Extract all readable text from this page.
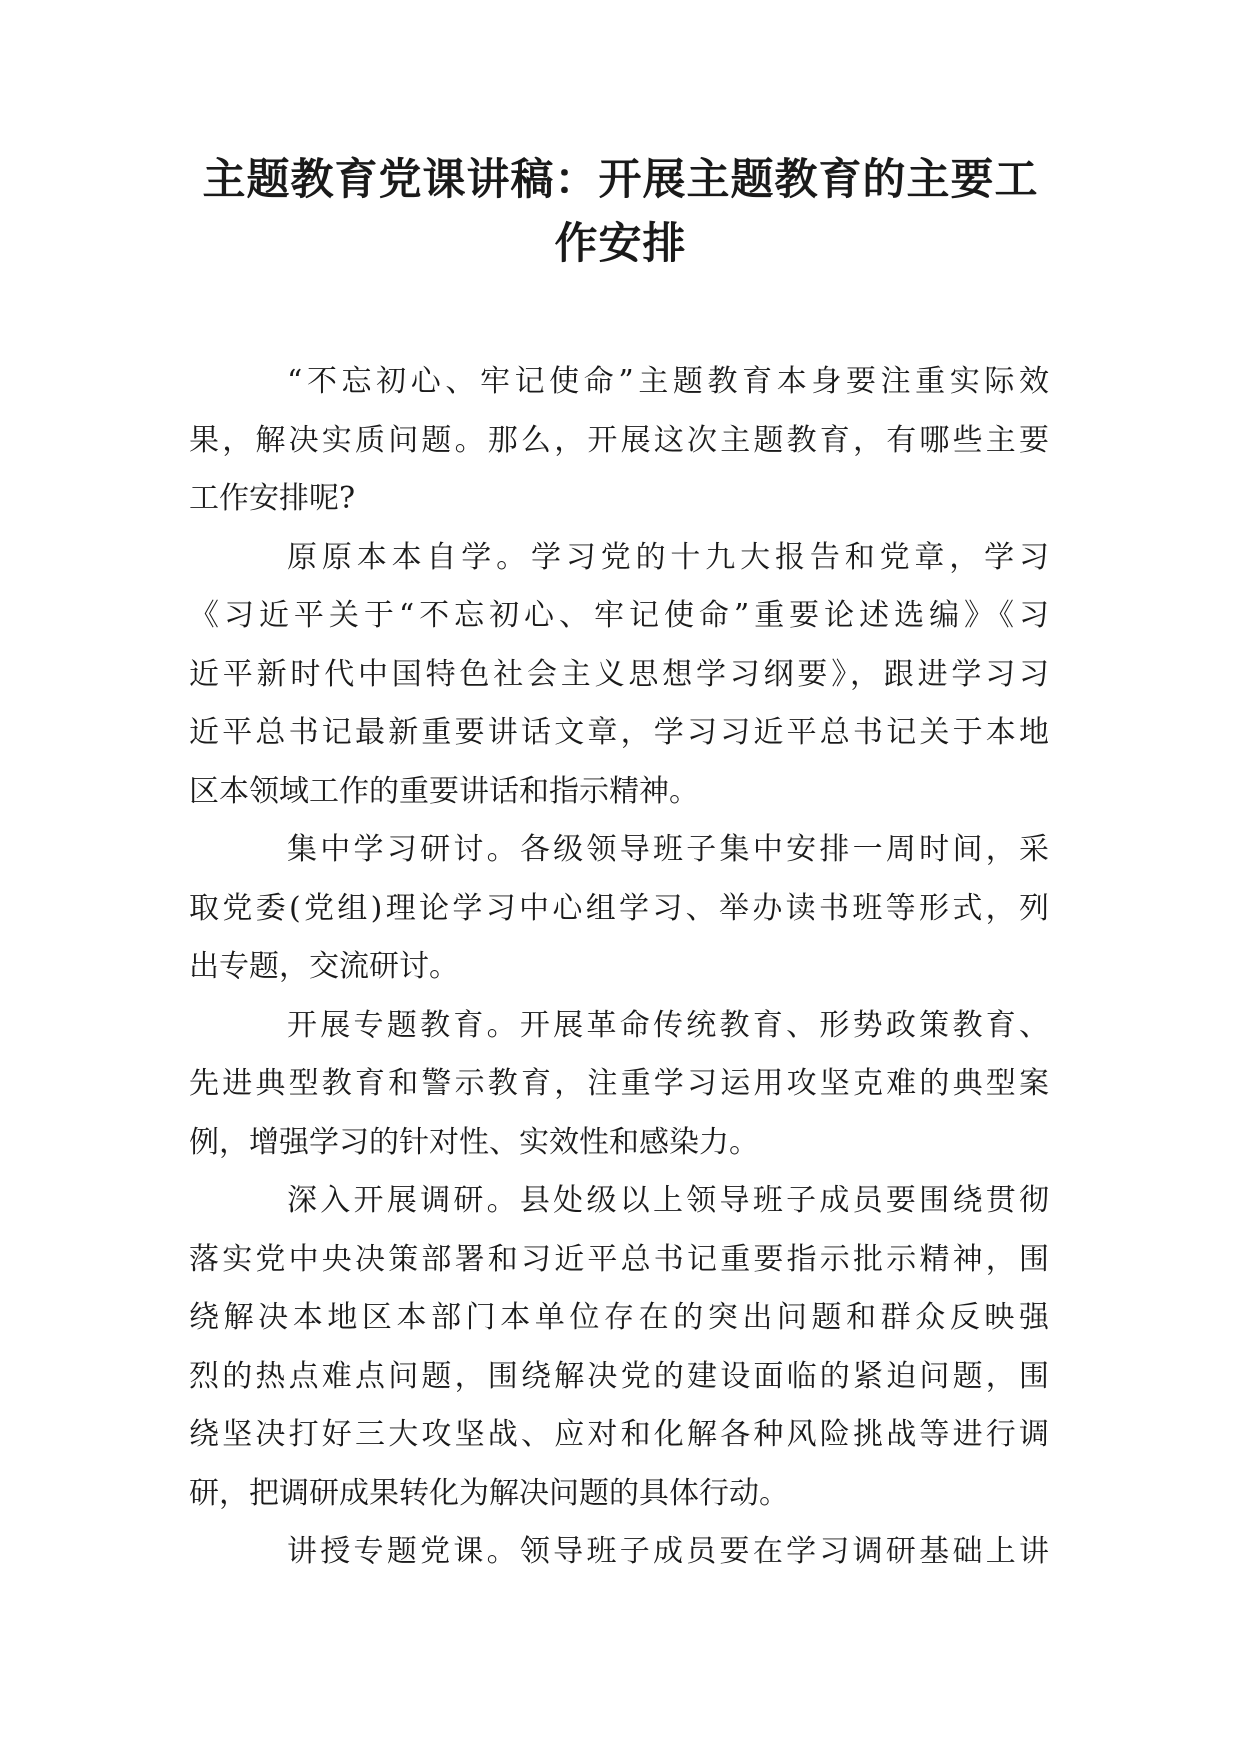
主题教育党课讲稿：开展主题教育的主要工
作安排

“不忘初心、牢记使命”主题教育本身要注重实际效
果，解决实质问题。那么，开展这次主题教育，有哪些主要
工作安排呢?

原原本本自学。学习党的十九大报告和党章，学习
《习近平关于“不忘初心、牢记使命”重要论述选编》《习
近平新时代中国特色社会主义思想学习纲要》，跟进学习习
近平总书记最新重要讲话文章，学习习近平总书记关于本地
区本领域工作的重要讲话和指示精神。

集中学习研讨。各级领导班子集中安排一周时间，采
取党委(党组)理论学习中心组学习、举办读书班等形式，列
出专题，交流研讨。

开展专题教育。开展革命传统教育、形势政策教育、
先进典型教育和警示教育，注重学习运用攻坚克难的典型案
例，增强学习的针对性、实效性和感染力。

深入开展调研。县处级以上领导班子成员要围绕贯彻
落实党中央决策部署和习近平总书记重要指示批示精神，围
绕解决本地区本部门本单位存在的突出问题和群众反映强
烈的热点难点问题，围绕解决党的建设面临的紧迫问题，围
绕坚决打好三大攻坚战、应对和化解各种风险挑战等进行调
研，把调研成果转化为解决问题的具体行动。

讲授专题党课。领导班子成员要在学习调研基础上讲
